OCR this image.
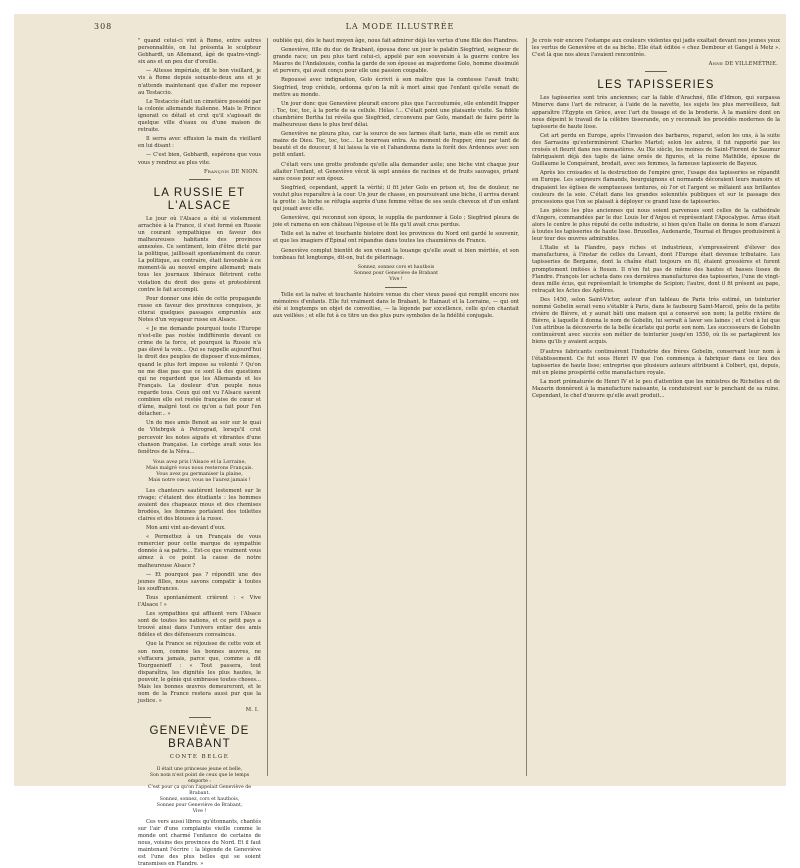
308	LA MODE ILLUSTRÉE

" quand celui-ci vint à Rome, entre autres personnalités, on lui présenta le sculpteur Gebhardt, un Allemand, âgé de quatre-vingt-six ans et un peu dur d'oreille.

— Altesse impériale, dit le bon vieillard, je vis à Rome depuis soixante-deux ans et je n'attends maintenant que d'aller me reposer au Testaccio.

Le Testaccio était un cimetière possédé par la colonie allemande italienne. Mais le Prince ignorait ce détail et crut qu'il s'agissait de quelque ville d'eaux ou d'une maison de retraite.

Il serra avec effusion la main du vieillard en lui disant :

— C'est bien, Gebhardt, espérons que vous vous y rendrez au plus vite.

François DE NION.
LA RUSSIE ET L'ALSACE

Le jour où l'Alsace a été si violemment arrachée à la France, il s'est formé en Russie un courant sympathique en faveur des malheureuses habitants des provinces annexées. Ce sentiment, loin d'être dicté par la politique, jaillissait spontanément du cœur. La politique, au contraire, était favorable à ce moment-là au nouvel empire allemand; mais tous les journaux libéraux flétrirent cette violation du droit des gens et protestèrent contre le fait accompli.

Pour donner une idée de cette propagande russe en faveur des provinces conquises, je citerai quelques passages empruntés aux Notes d'un voyageur russe en Alsace.

« Je me demande pourquoi toute l'Europe n'est-elle pas restée indifférente devant ce crime de la force, et pourquoi la Russie n'a pas élevé la voix... Qui se rappelle aujourd'hui le droit des peuples de disposer d'eux-mêmes, quand le plus fort impose sa volonté ? Qu'on ne me dise pas que ce sont là des questions qui ne regardent que les Allemands et les Français. La douleur d'un peuple nous regarde tous. Ceux qui ont vu l'Alsace savent combien elle est restée française de cœur et d'âme, malgré tout ce qu'on a fait pour l'en détacher... »

Un de mes amis Benoit au soir sur le quai de Vitebrgsk à Petrograd, lorsqu'il crut percevoir les notes aiguës et vibrantes d'une chanson française. Le cortège avait sous les fenêtres de la Néva...

Vous avez pris l'Alsace et la Lorraine,
Mais malgré vous nous resterons Français.
Vous avez pu germaniser la plaine,
Mais notre cœur, vous ne l'aurez jamais !

Les chanteurs sautèrent lestement sur le rivage; c'étaient des étudiants : les hommes avaient des chapeaux mous et des chemises brodées, les femmes portaient des toilettes claires et des blouses à la russe.

Mon ami vint au-devant d'eux.

« Permettez à un Français de vous remercier pour cette marque de sympathie donnée à sa patrie... Est-ce que vraiment vous aimez à ce point la cause de notre malheureuse Alsace ?

— Et pourquoi pas ? répondit une des jeunes filles, nous savons compatir à toutes les souffrances.

Tous spontanément crièrent : « Vive l'Alsace ! »

Les sympathies qui affluent vers l'Alsace sont de toutes les nations, et ce petit pays a trouvé ainsi dans l'univers entier des amis fidèles et des défenseurs convaincus.

Que la France se réjouisse de cette voix et son nom, comme les bonnes œuvres, ne s'effacera jamais, parce que, comme a dit Tourguenieff : « Tout passera, tout disparaîtra, les dignités les plus hautes, le pouvoir, le génie qui embrasse toutes choses... Mais les bonnes œuvres demeureront, et le nom de la France restera aussi pur que la justice. »

M. I.
GENEVIÈVE DE BRABANT
CONTE BELGE
Il était une princesse jeune et belle,
Son nom n'est point de ceux que le temps emporte :
C'est pour ça qu'on l'appelait Geneviève de Brabant.
Sonnez, sonnez, cors et hautbois,
Sonnez pour Geneviève de Brabant,
Vive !

Ces vers aussi libres qu'étonnants, chantés sur l'air d'une complainte vieille comme le monde ont charmé l'enfance de certains de nous, voisins des provinces du Nord. Et il faut maintenant l'écrire : la légende de Geneviève est l'une des plus belles qui se soient transmises en Flandre. »

oubliée qui, dès le haut moyen âge, nous fait admirer déjà les vertus d'une fille des Flandres.

Geneviève, fille du duc de Brabant, épousa donc un jour le palatin Siegfried, seigneur de grande race; un peu plus tard celui-ci, appelé par son souverain à la guerre contre les Maures de l'Andalousie, confia la garde de son épouse au majordome Golo, homme dissimulé et pervers, qui avait conçu pour elle une passion coupable.

Repoussé avec indignation, Golo écrivit à son maître que la comtesse l'avait trahi; Siegfried, trop crédule, ordonna qu'on la mît à mort ainsi que l'enfant qu'elle venait de mettre au monde.

Un jour donc que Geneviève pleurait encore plus que l'accoutumée, elle entendit frapper : Toc, toc, toc, à la porte de sa cellule. Hélas !... C'était point une plaisante visite. Sa fidèle chambrière Bertha lui révéla que Siegfried, circonvenu par Golo, mandait de faire périr la malheureuse dans le plus bref délai.

Geneviève ne pleura plus, car la source de ses larmes était tarie, mais elle se remit aux mains de Dieu. Toc, toc, toc... Le bourreau entra. Au moment de frapper, ému par tant de beauté et de douceur, il lui laissa la vie et l'abandonna dans la forêt des Ardennes avec son petit enfant.

C'était vers une grotte profonde qu'elle alla demander asile; une biche vint chaque jour allaiter l'enfant, et Geneviève vécut là sept années de racines et de fruits sauvages, priant sans cesse pour son époux.

Siegfried, cependant, apprit la vérité; il fit jeter Golo en prison et, fou de douleur, ne voulut plus reparaître à la cour. Un jour de chasse, en poursuivant une biche, il arriva devant la grotte : la biche se réfugia auprès d'une femme vêtue de ses seuls cheveux et d'un enfant qui jouait avec elle.

Geneviève, qui reconnut son époux, le supplia de pardonner à Golo ; Siegfried pleura de joie et ramena en son château l'épouse et le fils qu'il avait crus perdus.

Telle est la naïve et touchante histoire dont les provinces du Nord ont gardé le souvenir, et que les imagiers d'Épinal ont répandue dans toutes les chaumières de France.

Geneviève complut bientôt de son vivant la louange qu'elle avait si bien méritée, et son tombeau fut longtemps, dit-on, but de pèlerinage.

Sonnez, sonnez cors et hautbois
Sonnez pour Geneviève de Brabant
Vive !

Telle est la naïve et touchante histoire venue du cher vieux passé qui remplit encore nos mémoires d'enfants. Elle fut vraiment dans le Brabant, le Hainaut et la Lorraine, — qui ont été si longtemps un objet de convoitise, — la légende par excellence, celle qu'on chantait aux veillées ; et elle fut à ce titre un des plus purs symboles de la fidélité conjugale.

Je crois voir encore l'estampe aux couleurs violentes qui jadis exaltait devant nos jeunes yeux les vertus de Geneviève et de sa biche. Elle était éditée « chez Dembour et Gangel à Metz ». C'est là que nos aïeux l'avaient rencontrée.

Anne DE VILLEMÉTRIE.
LES TAPISSERIES

Les tapisseries sont très anciennes; car la fable d'Arachné, fille d'Idmon, qui surpassa Minerve dans l'art de retracer, à l'aide de la navette, les sujets les plus merveilleux, fait apparaître l'Égypte en Grèce, avec l'art du tissage et de la broderie. À la manière dont on nous dépeint le travail de la célèbre tisserande, on y reconnaît les procédés modernes de la tapisserie de haute lisse.

Cet art perdu en Europe, après l'invasion des barbares, reparut, selon les uns, à la suite des Sarrasins qu'exterminèrent Charles Martel; selon les autres, il fut rapporté par les croisés et fleurit dans nos monastères. Au IXe siècle, les moines de Saint-Florent de Saumur fabriquaient déjà des tapis de laine ornés de figures, et la reine Mathilde, épouse de Guillaume le Conquérant, brodait, avec ses femmes, la fameuse tapisserie de Bayeux.

Après les croisades et la destruction de l'empire grec, l'usage des tapisseries se répandit en Europe. Les seigneurs flamands, bourguignons et normands décoraient leurs manoirs et drapaient les églises de somptueuses tentures, où l'or et l'argent se mêlaient aux brillantes couleurs de la soie. C'était dans les grandes solennités publiques et sur le passage des processions que l'on se plaisait à déployer ce grand luxe de tapisseries.

Les pièces les plus anciennes qui nous soient parvenues sont celles de la cathédrale d'Angers, commandées par le duc Louis Ier d'Anjou et représentant l'Apocalypse. Arras était alors le centre le plus réputé de cette industrie, si bien qu'en Italie on donna le nom d'arazzi à toutes les tapisseries de haute lisse. Bruxelles, Audenarde, Tournai et Bruges produisirent à leur tour des œuvres admirables.

L'Italie et la Flandre, pays riches et industrieux, s'empressèrent d'élever des manufactures, à l'instar de celles du Levant, dont l'Europe était devenue tributaire. Les tapisseries de Bergame, dont la chaîne était toujours en fil, étaient grossières et furent promptement imitées à Rouen. Il n'en fut pas de même des hautes et basses lisses de Flandre. François Ier acheta dans ces dernières manufactures des tapisseries, l'une de vingt-deux mille écus, qui représentait le triomphe de Scipion; l'autre, dont il fit présent au pape, retraçait les Actes des Apôtres.

Des 1450, selon Saint-Victor, auteur d'un tableau de Paris très estimé, un teinturier nommé Gobelin serait venu s'établir à Paris, dans le faubourg Saint-Marcel, près de la petite rivière de Bièvre, et y aurait bâti une maison qui a conservé son nom; la petite rivière de Bièvre, à laquelle il donna le nom de Gobelin, lui servait à laver ses laines ; et c'est à lui que l'on attribue la découverte de la belle écarlate qui porte son nom. Les successeurs de Gobelin continuèrent avec succès son métier de teinturier jusqu'en 1550, où ils se partagèrent les biens qu'ils y avaient acquis.

D'autres fabricants continuèrent l'industrie des frères Gobelin, conservant leur nom à l'établissement. Ce fut sous Henri IV que l'on commença à fabriquer dans ce lieu des tapisseries de haute lisse; entreprise que plusieurs auteurs attribuent à Colbert, qui, depuis, mit en pleine prospérité cette manufacture royale.

La mort prématurée de Henri IV et le peu d'attention que les ministres de Richelieu et de Mazarin donnèrent à la manufacture naissante, la conduisirent sur le penchant de sa ruine. Cependant, le chef d'œuvre qu'elle avait produit...
